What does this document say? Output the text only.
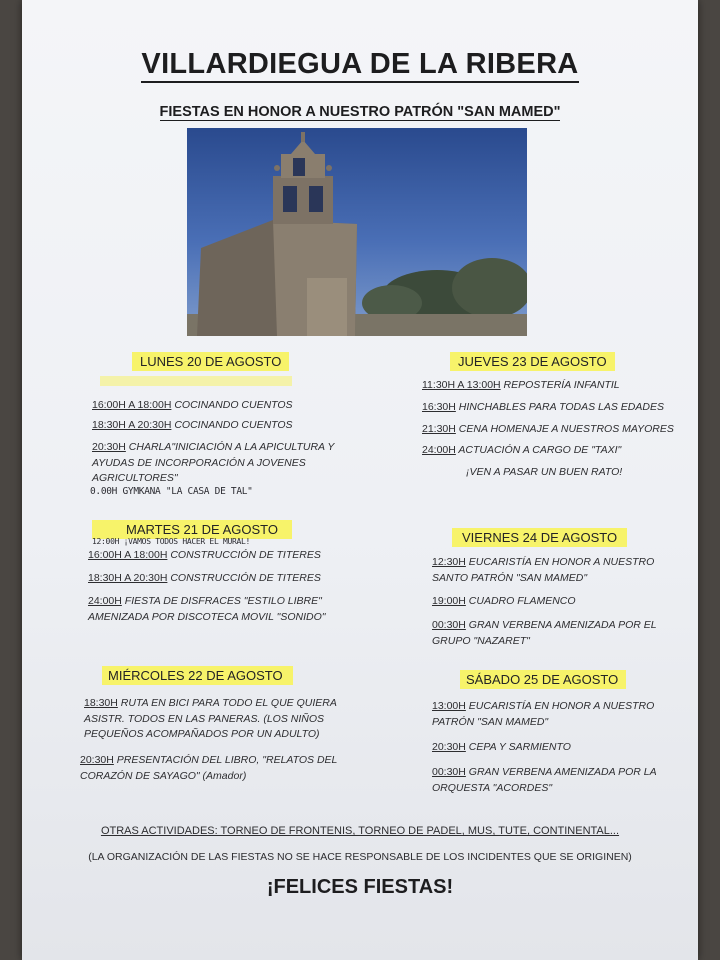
VILLARDIEGUA DE LA RIBERA
FIESTAS EN HONOR A NUESTRO PATRÓN "SAN MAMED"
LUNES 20 DE AGOSTO
16:00H A 18:00H COCINANDO CUENTOS
18:30H A 20:30H COCINANDO CUENTOS
20:30H CHARLA"INICIACIÓN A LA APICULTURA Y AYUDAS DE INCORPORACIÓN A JOVENES AGRICULTORES"
0.00H GYMKANA "LA CASA DE TAL"
MARTES 21 DE AGOSTO
12:00H ¡VAMOS TODOS HACER EL MURAL!
16:00H A 18:00H CONSTRUCCIÓN DE TITERES
18:30H A 20:30H CONSTRUCCIÓN DE TITERES
24:00H FIESTA DE DISFRACES "ESTILO LIBRE" AMENIZADA POR DISCOTECA MOVIL "SONIDO"
MIÉRCOLES 22 DE AGOSTO
18:30H RUTA EN BICI PARA TODO EL QUE QUIERA ASISTR. TODOS EN LAS PANERAS. (LOS NIÑOS PEQUEÑOS ACOMPAÑADOS POR UN ADULTO)
20:30H PRESENTACIÓN DEL LIBRO, "RELATOS DEL CORAZÓN DE SAYAGO" (Amador)
JUEVES 23 DE AGOSTO
11:30H A 13:00H REPOSTERÍA INFANTIL
16:30H HINCHABLES PARA TODAS LAS EDADES
21:30H CENA HOMENAJE A NUESTROS MAYORES
24:00H ACTUACIÓN A CARGO DE "TAXI"
¡VEN A PASAR UN BUEN RATO!
VIERNES 24 DE AGOSTO
12:30H EUCARISTÍA EN HONOR A NUESTRO SANTO PATRÓN "SAN MAMED"
19:00H CUADRO FLAMENCO
00:30H GRAN VERBENA AMENIZADA POR EL GRUPO "NAZARET"
SÁBADO 25 DE AGOSTO
13:00H EUCARISTÍA EN HONOR A NUESTRO PATRÓN "SAN MAMED"
20:30H CEPA Y SARMIENTO
00:30H GRAN VERBENA AMENIZADA POR LA ORQUESTA "ACORDES"
OTRAS ACTIVIDADES: TORNEO DE FRONTENIS, TORNEO DE PADEL, MUS, TUTE, CONTINENTAL...
(LA ORGANIZACIÓN DE LAS FIESTAS NO SE HACE RESPONSABLE DE LOS INCIDENTES QUE SE ORIGINEN)
¡FELICES FIESTAS!
